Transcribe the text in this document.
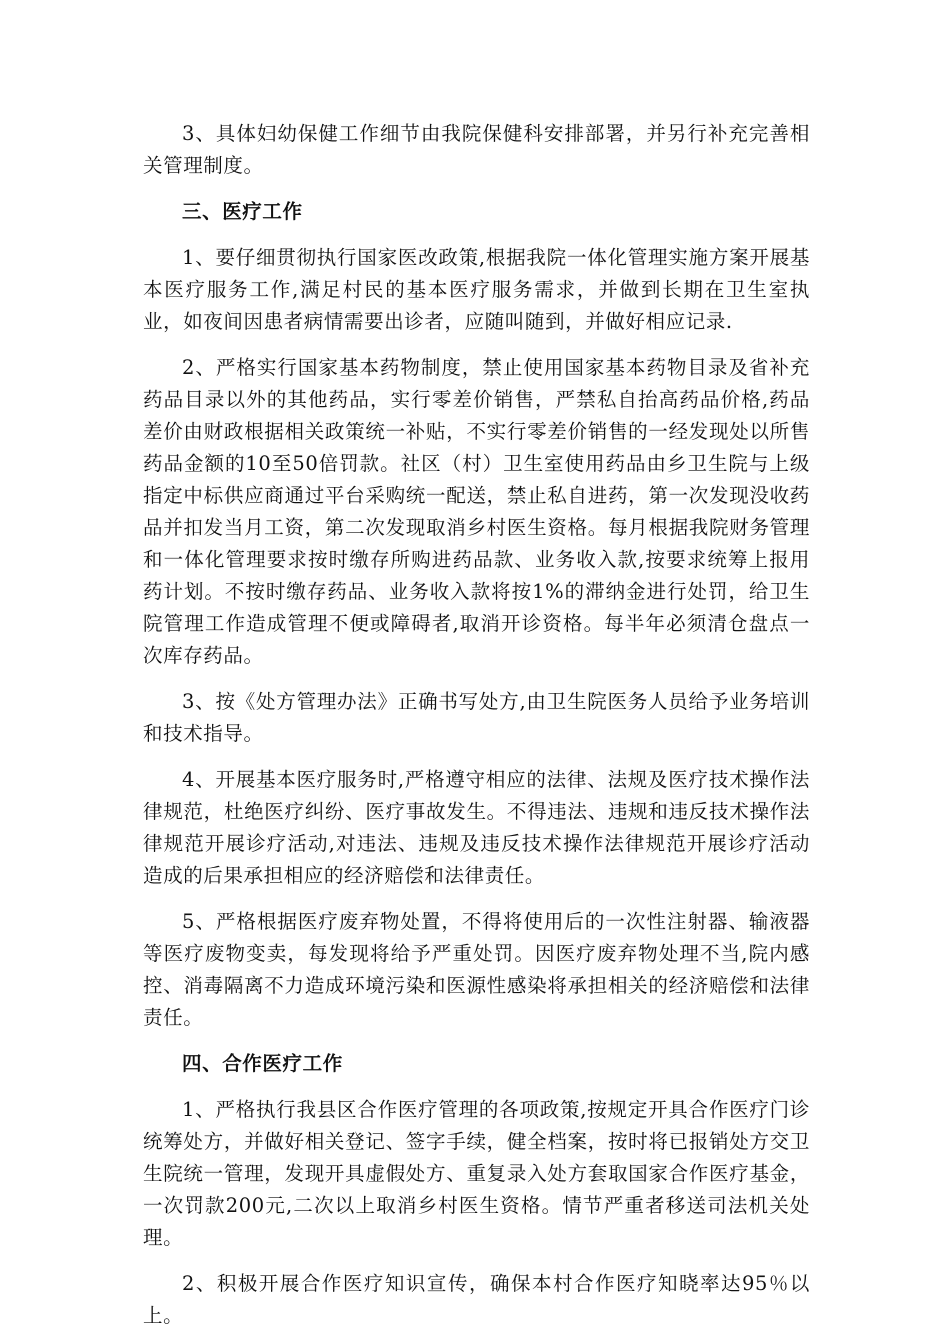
3、具体妇幼保健工作细节由我院保健科安排部署，并另行补充完善相关管理制度。

三、医疗工作

1、要仔细贯彻执行国家医改政策,根据我院一体化管理实施方案开展基本医疗服务工作,满足村民的基本医疗服务需求，并做到长期在卫生室执业，如夜间因患者病情需要出诊者，应随叫随到，并做好相应记录.

2、严格实行国家基本药物制度，禁止使用国家基本药物目录及省补充药品目录以外的其他药品，实行零差价销售，严禁私自抬高药品价格,药品差价由财政根据相关政策统一补贴，不实行零差价销售的一经发现处以所售药品金额的10至50倍罚款。社区（村）卫生室使用药品由乡卫生院与上级指定中标供应商通过平台采购统一配送，禁止私自进药，第一次发现没收药品并扣发当月工资，第二次发现取消乡村医生资格。每月根据我院财务管理和一体化管理要求按时缴存所购进药品款、业务收入款,按要求统筹上报用药计划。不按时缴存药品、业务收入款将按1%的滞纳金进行处罚，给卫生院管理工作造成管理不便或障碍者,取消开诊资格。每半年必须清仓盘点一次库存药品。

3、按《处方管理办法》正确书写处方,由卫生院医务人员给予业务培训和技术指导。

4、开展基本医疗服务时,严格遵守相应的法律、法规及医疗技术操作法律规范，杜绝医疗纠纷、医疗事故发生。不得违法、违规和违反技术操作法律规范开展诊疗活动,对违法、违规及违反技术操作法律规范开展诊疗活动造成的后果承担相应的经济赔偿和法律责任。

5、严格根据医疗废弃物处置，不得将使用后的一次性注射器、输液器等医疗废物变卖，每发现将给予严重处罚。因医疗废弃物处理不当,院内感控、消毒隔离不力造成环境污染和医源性感染将承担相关的经济赔偿和法律责任。

四、合作医疗工作

1、严格执行我县区合作医疗管理的各项政策,按规定开具合作医疗门诊统筹处方，并做好相关登记、签字手续，健全档案，按时将已报销处方交卫生院统一管理，发现开具虚假处方、重复录入处方套取国家合作医疗基金，一次罚款200元,二次以上取消乡村医生资格。情节严重者移送司法机关处理。

2、积极开展合作医疗知识宣传，确保本村合作医疗知晓率达95％以上。
